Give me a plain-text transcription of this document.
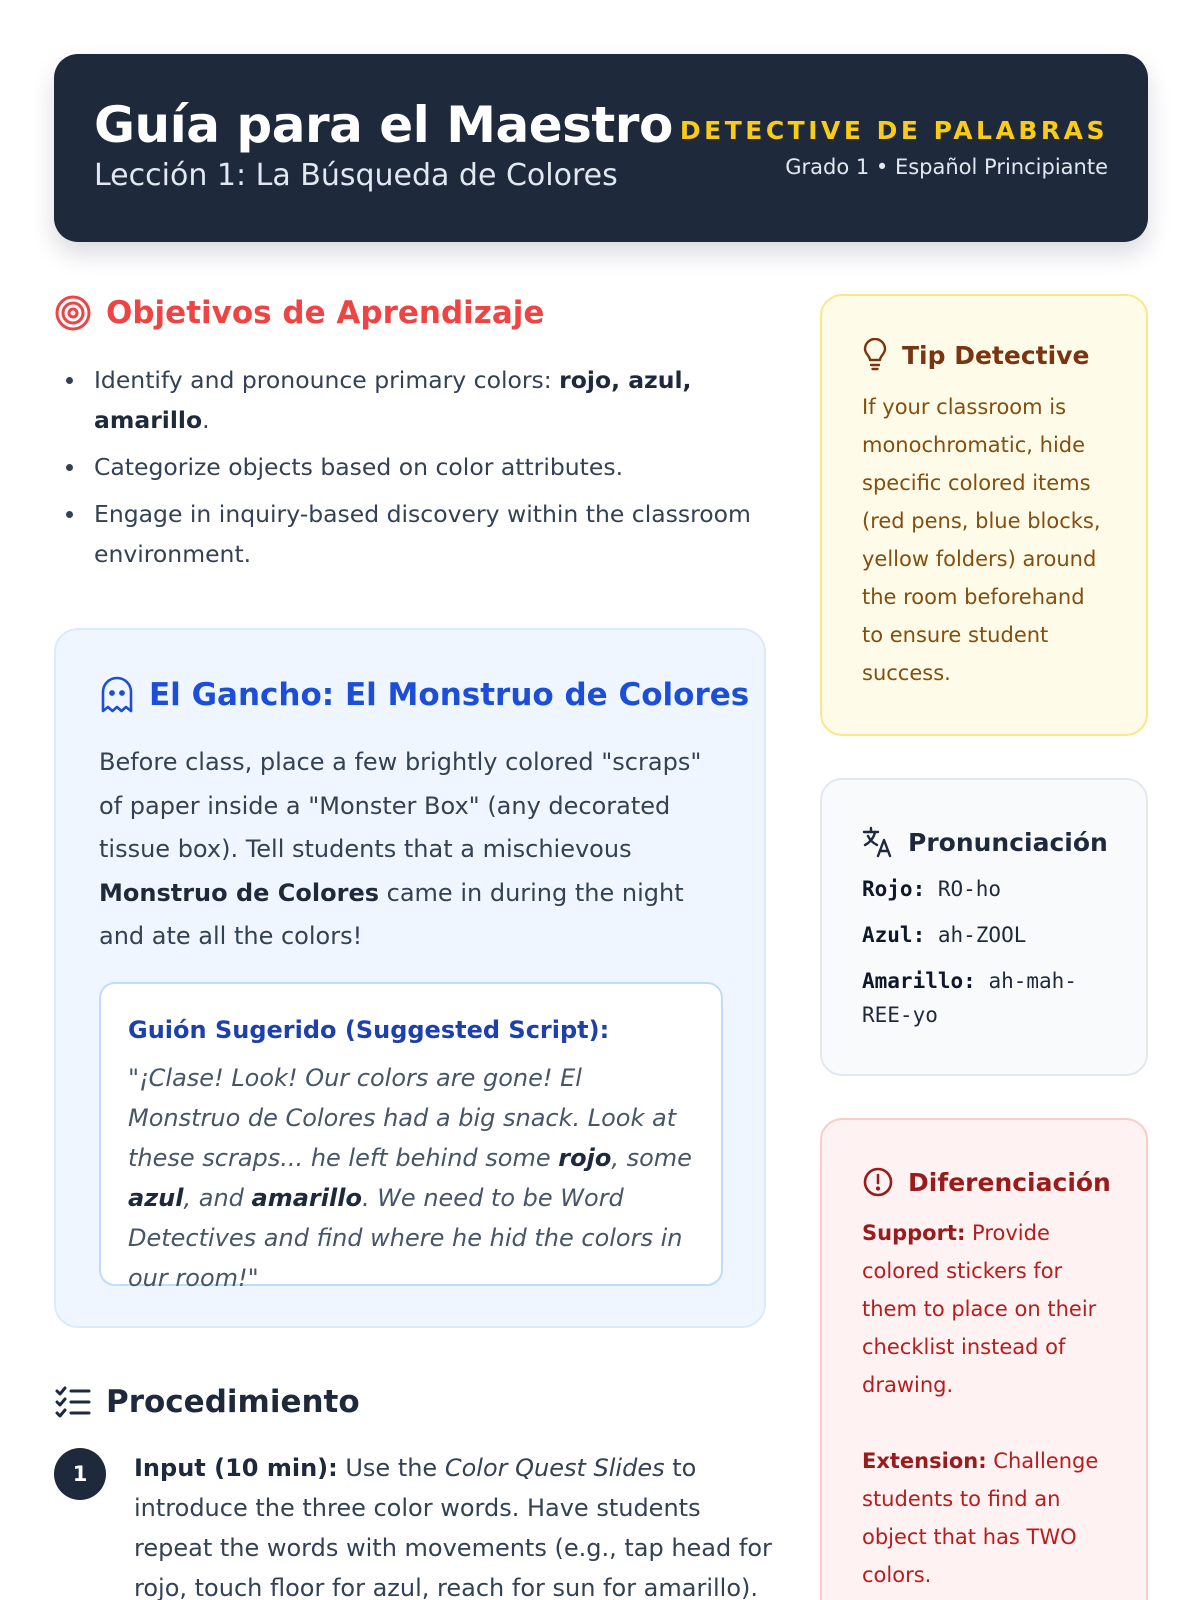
Guía para el Maestro
Lección 1: La Búsqueda de Colores
DETECTIVE DE PALABRAS
Grado 1 • Español Principiante
Objetivos de Aprendizaje
Identify and pronounce primary colors: rojo, azul, amarillo.
Categorize objects based on color attributes.
Engage in inquiry-based discovery within the classroom environment.
El Gancho: El Monstruo de Colores

Before class, place a few brightly colored "scraps" of paper inside a "Monster Box" (any decorated tissue box). Tell students that a mischievous Monstruo de Colores came in during the night and ate all the colors!

Guión Sugerido (Suggested Script):

"¡Clase! Look! Our colors are gone! El Monstruo de Colores had a big snack. Look at these scraps... he left behind some rojo, some azul, and amarillo. We need to be Word Detectives and find where he hid the colors in our room!"

Procedimiento
1	Input (10 min): Use the Color Quest Slides to introduce the three color words. Have students repeat the words with movements (e.g., tap head for rojo, touch floor for azul, reach for sun for amarillo).

Tip Detective

If your classroom is monochromatic, hide specific colored items (red pens, blue blocks, yellow folders) around the room beforehand to ensure student success.

Pronunciación
Rojo: RO-ho
Azul: ah-ZOOL
Amarillo: ah-mah-REE-yo
Diferenciación

Support: Provide colored stickers for them to place on their checklist instead of drawing.

Extension: Challenge students to find an object that has TWO colors.
